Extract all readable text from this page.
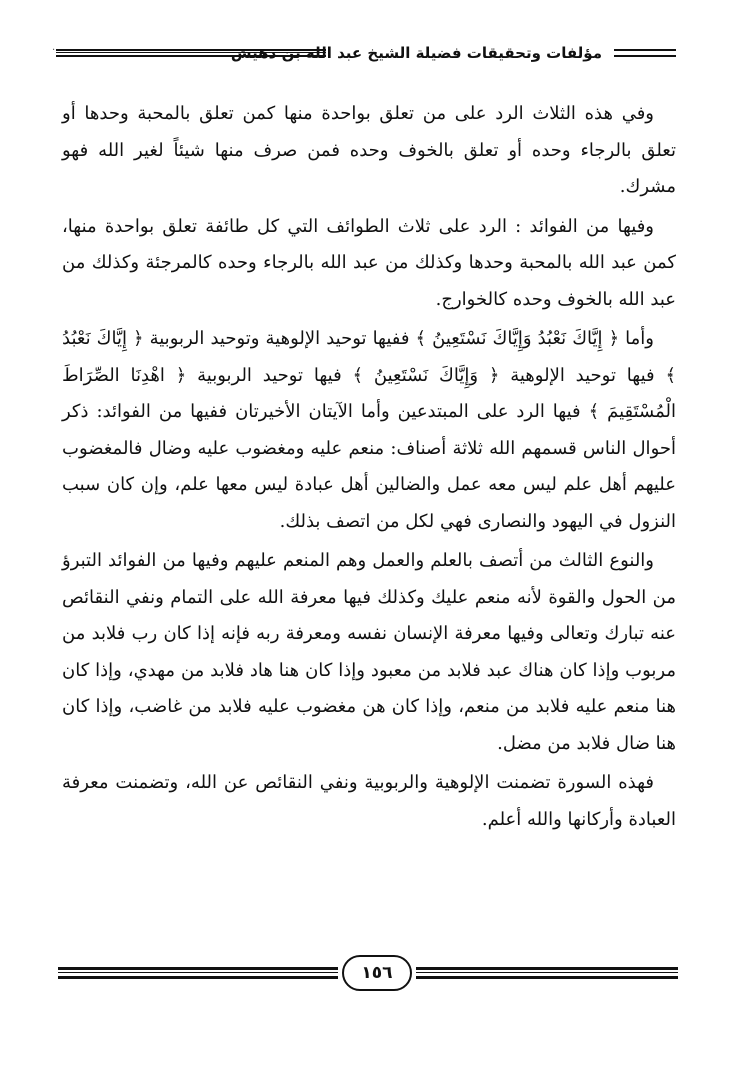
·	مؤلفات وتحقيقات فضيلة الشيخ عبد الله بن دهيش

وفي هذه الثلاث الرد على من تعلق بواحدة منها كمن تعلق بالمحبة وحدها أو تعلق بالرجاء وحده أو تعلق بالخوف وحده فمن صرف منها شيئاً لغير الله فهو مشرك.

وفيها من الفوائد : الرد على ثلاث الطوائف التي كل طائفة تعلق بواحدة منها، كمن عبد الله بالمحبة وحدها وكذلك من عبد الله بالرجاء وحده كالمرجئة وكذلك من عبد الله بالخوف وحده كالخوارج.

وأما ﴿ إِيَّاكَ نَعْبُدُ وَإِيَّاكَ نَسْتَعِينُ ﴾ ففيها توحيد الإلوهية وتوحيد الربوبية ﴿ إِيَّاكَ نَعْبُدُ ﴾ فيها توحيد الإلوهية ﴿ وَإِيَّاكَ نَسْتَعِينُ ﴾ فيها توحيد الربوبية ﴿ اهْدِنَا الصِّرَاطَ الْمُسْتَقِيمَ ﴾ فيها الرد على المبتدعين وأما الآيتان الأخيرتان ففيها من الفوائد: ذكر أحوال الناس قسمهم الله ثلاثة أصناف: منعم عليه ومغضوب عليه وضال فالمغضوب عليهم أهل علم ليس معه عمل والضالين أهل عبادة ليس معها علم، وإن كان سبب النزول في اليهود والنصارى فهي لكل من اتصف بذلك.

والنوع الثالث من أتصف بالعلم والعمل وهم المنعم عليهم وفيها من الفوائد التبرؤ من الحول والقوة لأنه منعم عليك وكذلك فيها معرفة الله على التمام ونفي النقائص عنه تبارك وتعالى وفيها معرفة الإنسان نفسه ومعرفة ربه فإنه إذا كان رب فلابد من مربوب وإذا كان هناك عبد فلابد من معبود وإذا كان هنا هاد فلابد من مهدي، وإذا كان هنا منعم عليه فلابد من منعم، وإذا كان هن مغضوب عليه فلابد من غاضب، وإذا كان هنا ضال فلابد من مضل.

فهذه السورة تضمنت الإلوهية والربوبية ونفي النقائص عن الله، وتضمنت معرفة العبادة وأركانها والله أعلم.

١٥٦
